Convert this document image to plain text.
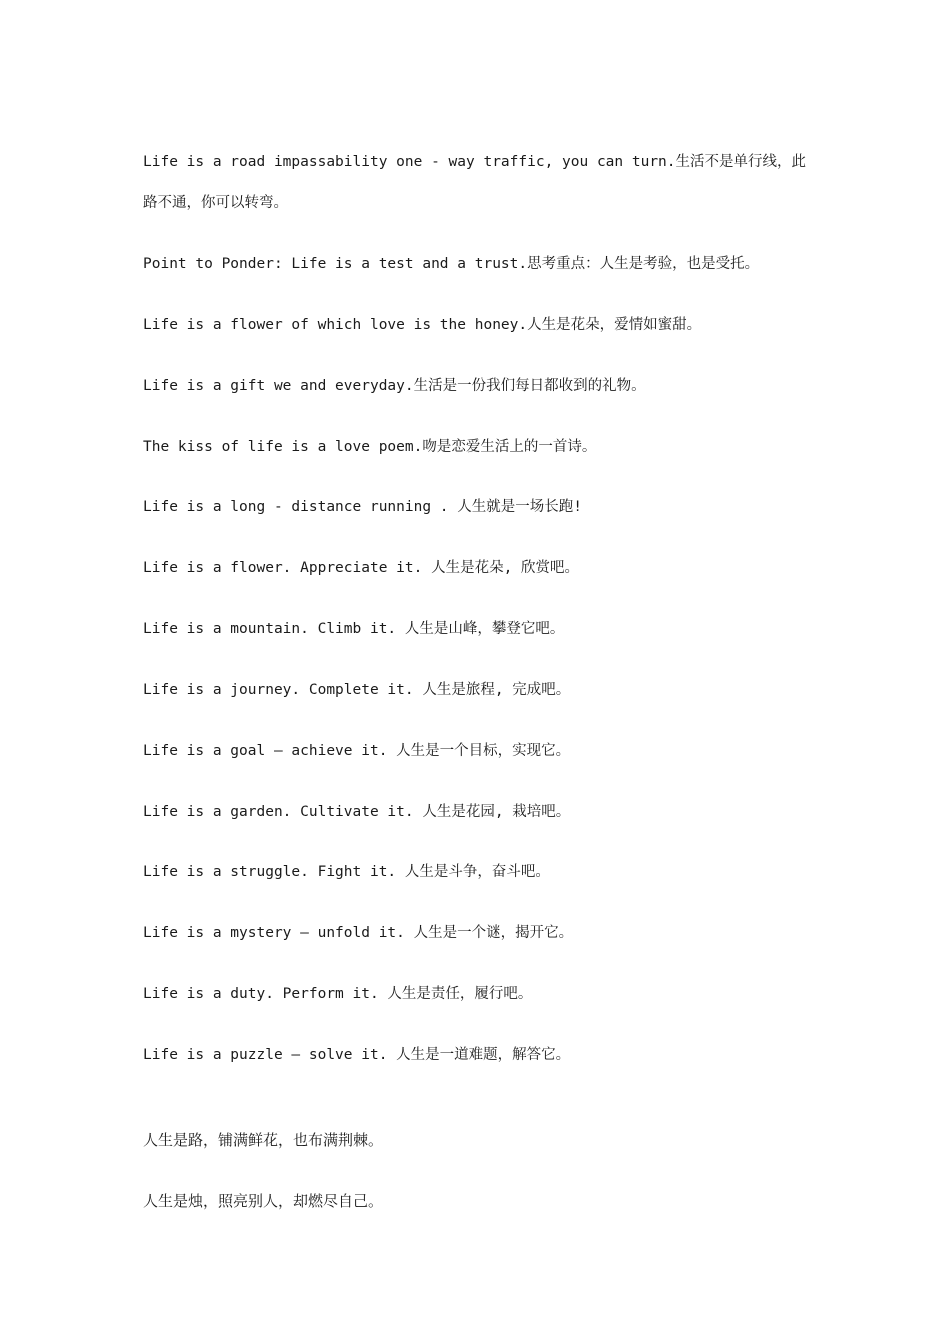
Life is a road impassability one - way traffic, you can turn.生活不是单行线，此
路不通，你可以转弯。
Point to Ponder: Life is a test and a trust.思考重点：人生是考验，也是受托。
Life is a flower of which love is the honey.人生是花朵，爱情如蜜甜。
Life is a gift we and everyday.生活是一份我们每日都收到的礼物。
The kiss of life is a love poem.吻是恋爱生活上的一首诗。
Life is a long - distance running . 人生就是一场长跑!
Life is a flower. Appreciate it. 人生是花朵, 欣赏吧。
Life is a mountain. Climb it. 人生是山峰，攀登它吧。
Life is a journey. Complete it. 人生是旅程, 完成吧。
Life is a goal — achieve it. 人生是一个目标，实现它。
Life is a garden. Cultivate it. 人生是花园, 栽培吧。
Life is a struggle. Fight it. 人生是斗争，奋斗吧。
Life is a mystery — unfold it. 人生是一个谜，揭开它。
Life is a duty. Perform it. 人生是责任，履行吧。
Life is a puzzle — solve it. 人生是一道难题，解答它。
人生是路，铺满鲜花，也布满荆棘。
人生是烛，照亮别人，却燃尽自己。
